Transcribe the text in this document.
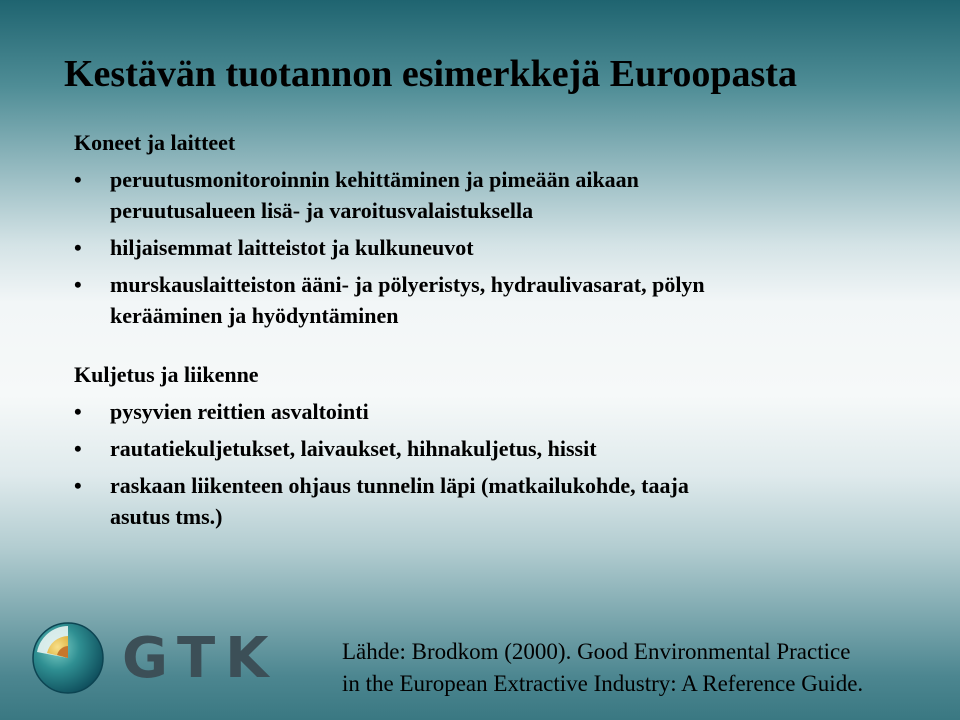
Kestävän tuotannon esimerkkejä Euroopasta

Koneet ja laitteet

• peruutusmonitoroinnin kehittäminen ja pimeään aikaan
peruutusalueen lisä- ja varoitusvalaistuksella
• hiljaisemmat laitteistot ja kulkuneuvot
• murskauslaitteiston ääni- ja pölyeristys, hydraulivasarat, pölyn
kerääminen ja hyödyntäminen

Kuljetus ja liikenne

• pysyvien reittien asvaltointi
• rautatiekuljetukset, laivaukset, hihnakuljetus, hissit
• raskaan liikenteen ohjaus tunnelin läpi (matkailukohde, taaja
asutus tms.)
GTK	Lähde: Brodkom (2000). Good Environmental Practice
in the European Extractive Industry: A Reference Guide.
